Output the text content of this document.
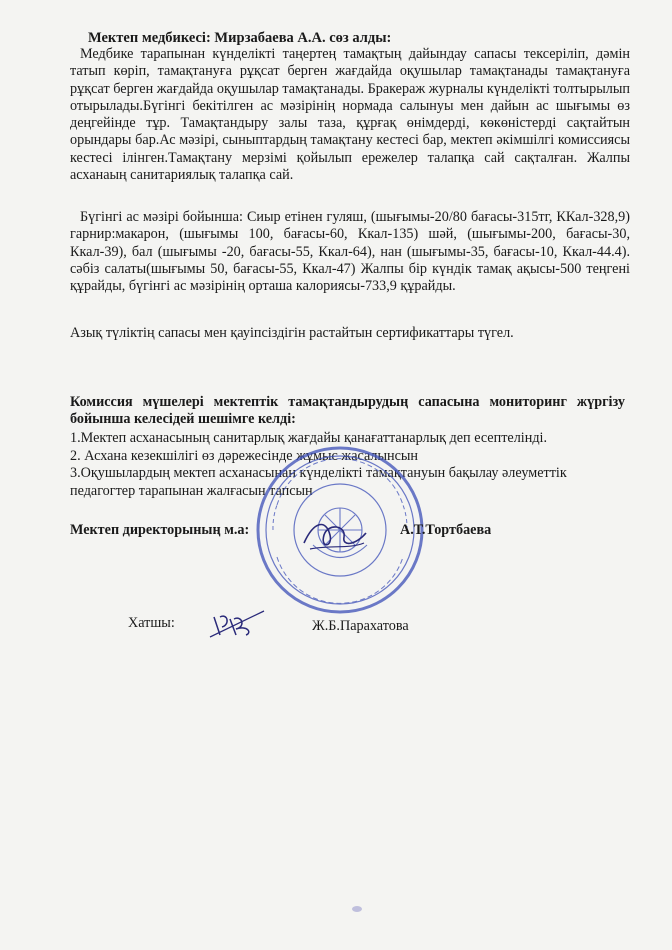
Мектеп медбикесі: Мирзабаева А.А. сөз алды:

Медбике тарапынан күнделікті таңертең тамақтың дайындау сапасы тексеріліп, дәмін татып көріп, тамақтануға рұқсат берген жағдайда оқушылар тамақтанады тамақтануға рұқсат берген жағдайда оқушылар тамақтанады. Бракераж журналы күнделікті толтырылып отырылады.Бүгінгі бекітілген ас мәзірінің нормада салынуы мен дайын ас шығымы өз деңгейінде тұр. Тамақтандыру залы таза, құрғақ өнімдерді, көкөністерді сақтайтын орындары бар.Ас мәзірі, сыныптардың тамақтану кестесі бар, мектеп әкімшілгі комиссиясы кестесі ілінген.Тамақтану мерзімі қойылып ережелер талапқа сай сақталған. Жалпы асханаың санитариялық талапқа сай.

Бүгінгі ас мәзірі бойынша: Сиыр етінен гуляш, (шығымы-20/80 бағасы-315тг, ККал-328,9) гарнир:макарон, (шығымы 100, бағасы-60, Ккал-135) шәй, (шығымы-200, бағасы-30, Ккал-39), бал (шығымы -20, бағасы-55, Ккал-64), нан (шығымы-35, бағасы-10, Ккал-44.4). сәбіз салаты(шығымы 50, бағасы-55, Ккал-47) Жалпы бір күндік тамақ ақысы-500 теңгені құрайды, бүгінгі ас мәзірінің орташа калориясы-733,9 құрайды.

Азық түліктің сапасы мен қауіпсіздігін растайтын сертификаттары түгел.

Комиссия мүшелері мектептік тамақтандырудың сапасына мониторинг жүргізу бойынша келесідей шешімге келді:
1.Мектеп асханасының санитарлық жағдайы қанағаттанарлық деп есептелінді.
2. Асхана кезекшілігі өз дәрежесінде жұмыс жасалынсын
3.Оқушылардың мектеп асханасынан күнделікті тамақтануын бақылау әлеуметтік педагогтер тарапынан жалғасын тапсын
Мектеп директорының м.а:	А.Т.Тортбаева
Хатшы:	Ж.Б.Парахатова
